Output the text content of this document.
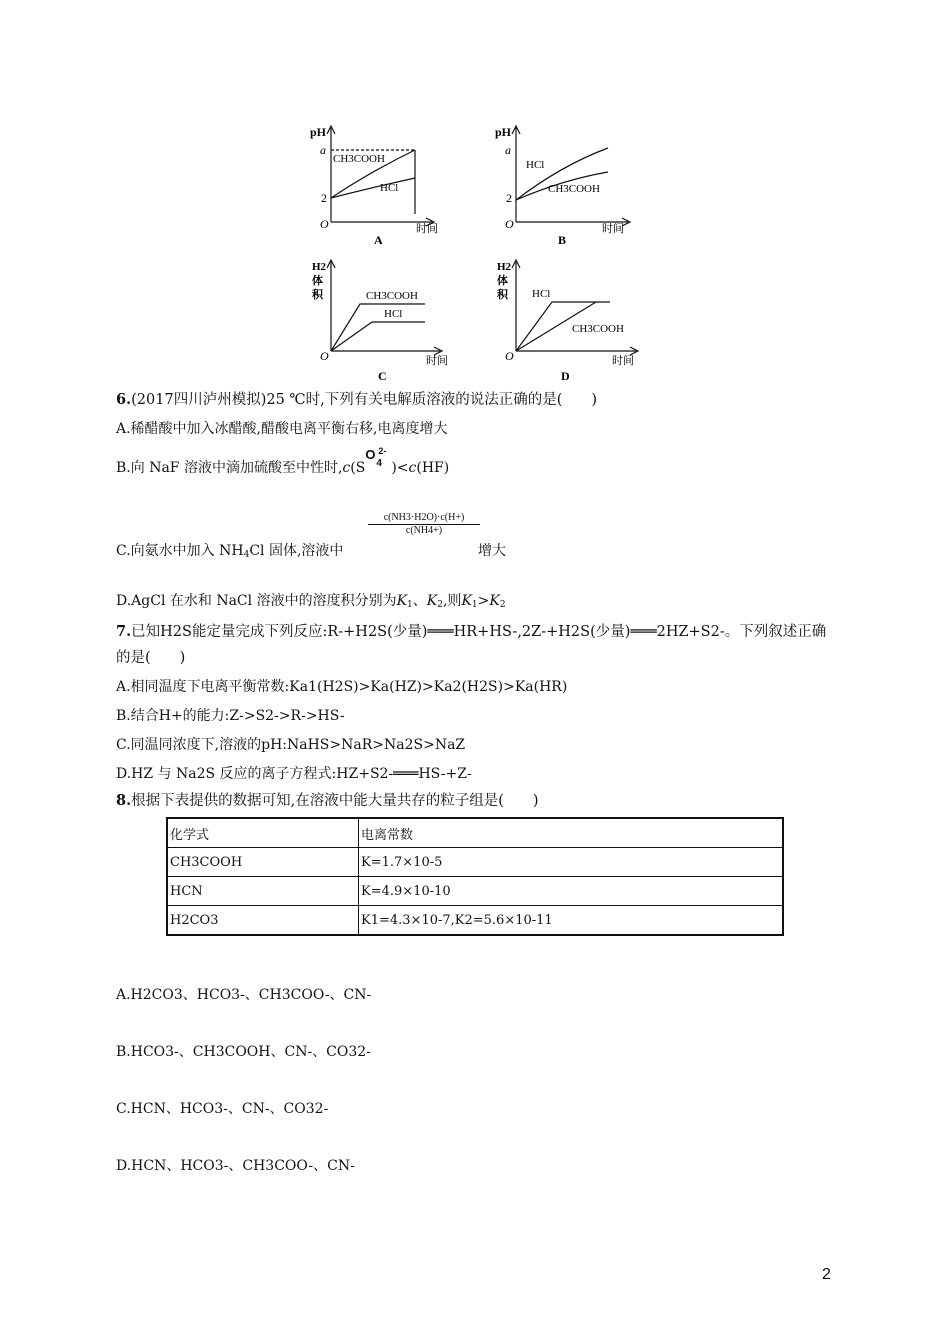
pH
a
2
CH3COOH
HCl
O	时间
A
pH
a
2
HCl
CH3COOH
O	时间
B
H2
体
积	CH3COOH
HCl
O	时间
C
H2
体
积 HCl
CH3COOH
O	时间
D
6.(2017四川泸州模拟)25 ℃时,下列有关电解质溶液的说法正确的是(　　)
A.稀醋酸中加入冰醋酸,醋酸电离平衡右移,电离度增大
B.向 NaF 溶液中滴加硫酸至中性时,c(S
O 2-
4 )<c(HF)
$\frac{c(NH3\cdot H2O)\cdot c(H+)}{c(NH4+)}$
C.向氨水中加入 $NH_4Cl$ 固体,溶液中	增大
D.AgCl 在水和 NaCl 溶液中的溶度积分别为$K_1$、$K_2$,则$K_1>K_2$
7.已知H2S能定量完成下列反应:R-+H2S(少量)═══HR+HS-,2Z-+H2S(少量)═══2HZ+S2-。下列叙述正确
的是(　　)
A.相同温度下电离平衡常数:Ka1(H2S)>Ka(HZ)>Ka2(H2S)>Ka(HR)
B.结合H+的能力:Z->S2->R->HS-
C.同温同浓度下,溶液的pH:NaHS>NaR>Na2S>NaZ
D.HZ 与 Na2S 反应的离子方程式:HZ+S2-═══HS-+Z-
8.根据下表提供的数据可知,在溶液中能大量共存的粒子组是(　　)
化学式	电离常数
CH3COOH	K=1.7×10-5
HCN	K=4.9×10-10
H2CO3	K1=4.3×10-7,K2=5.6×10-11
A.H2CO3、HCO3-、CH3COO-、CN-
B.HCO3-、CH3COOH、CN-、CO32-
C.HCN、HCO3-、CN-、CO32-
D.HCN、HCO3-、CH3COO-、CN-
2
